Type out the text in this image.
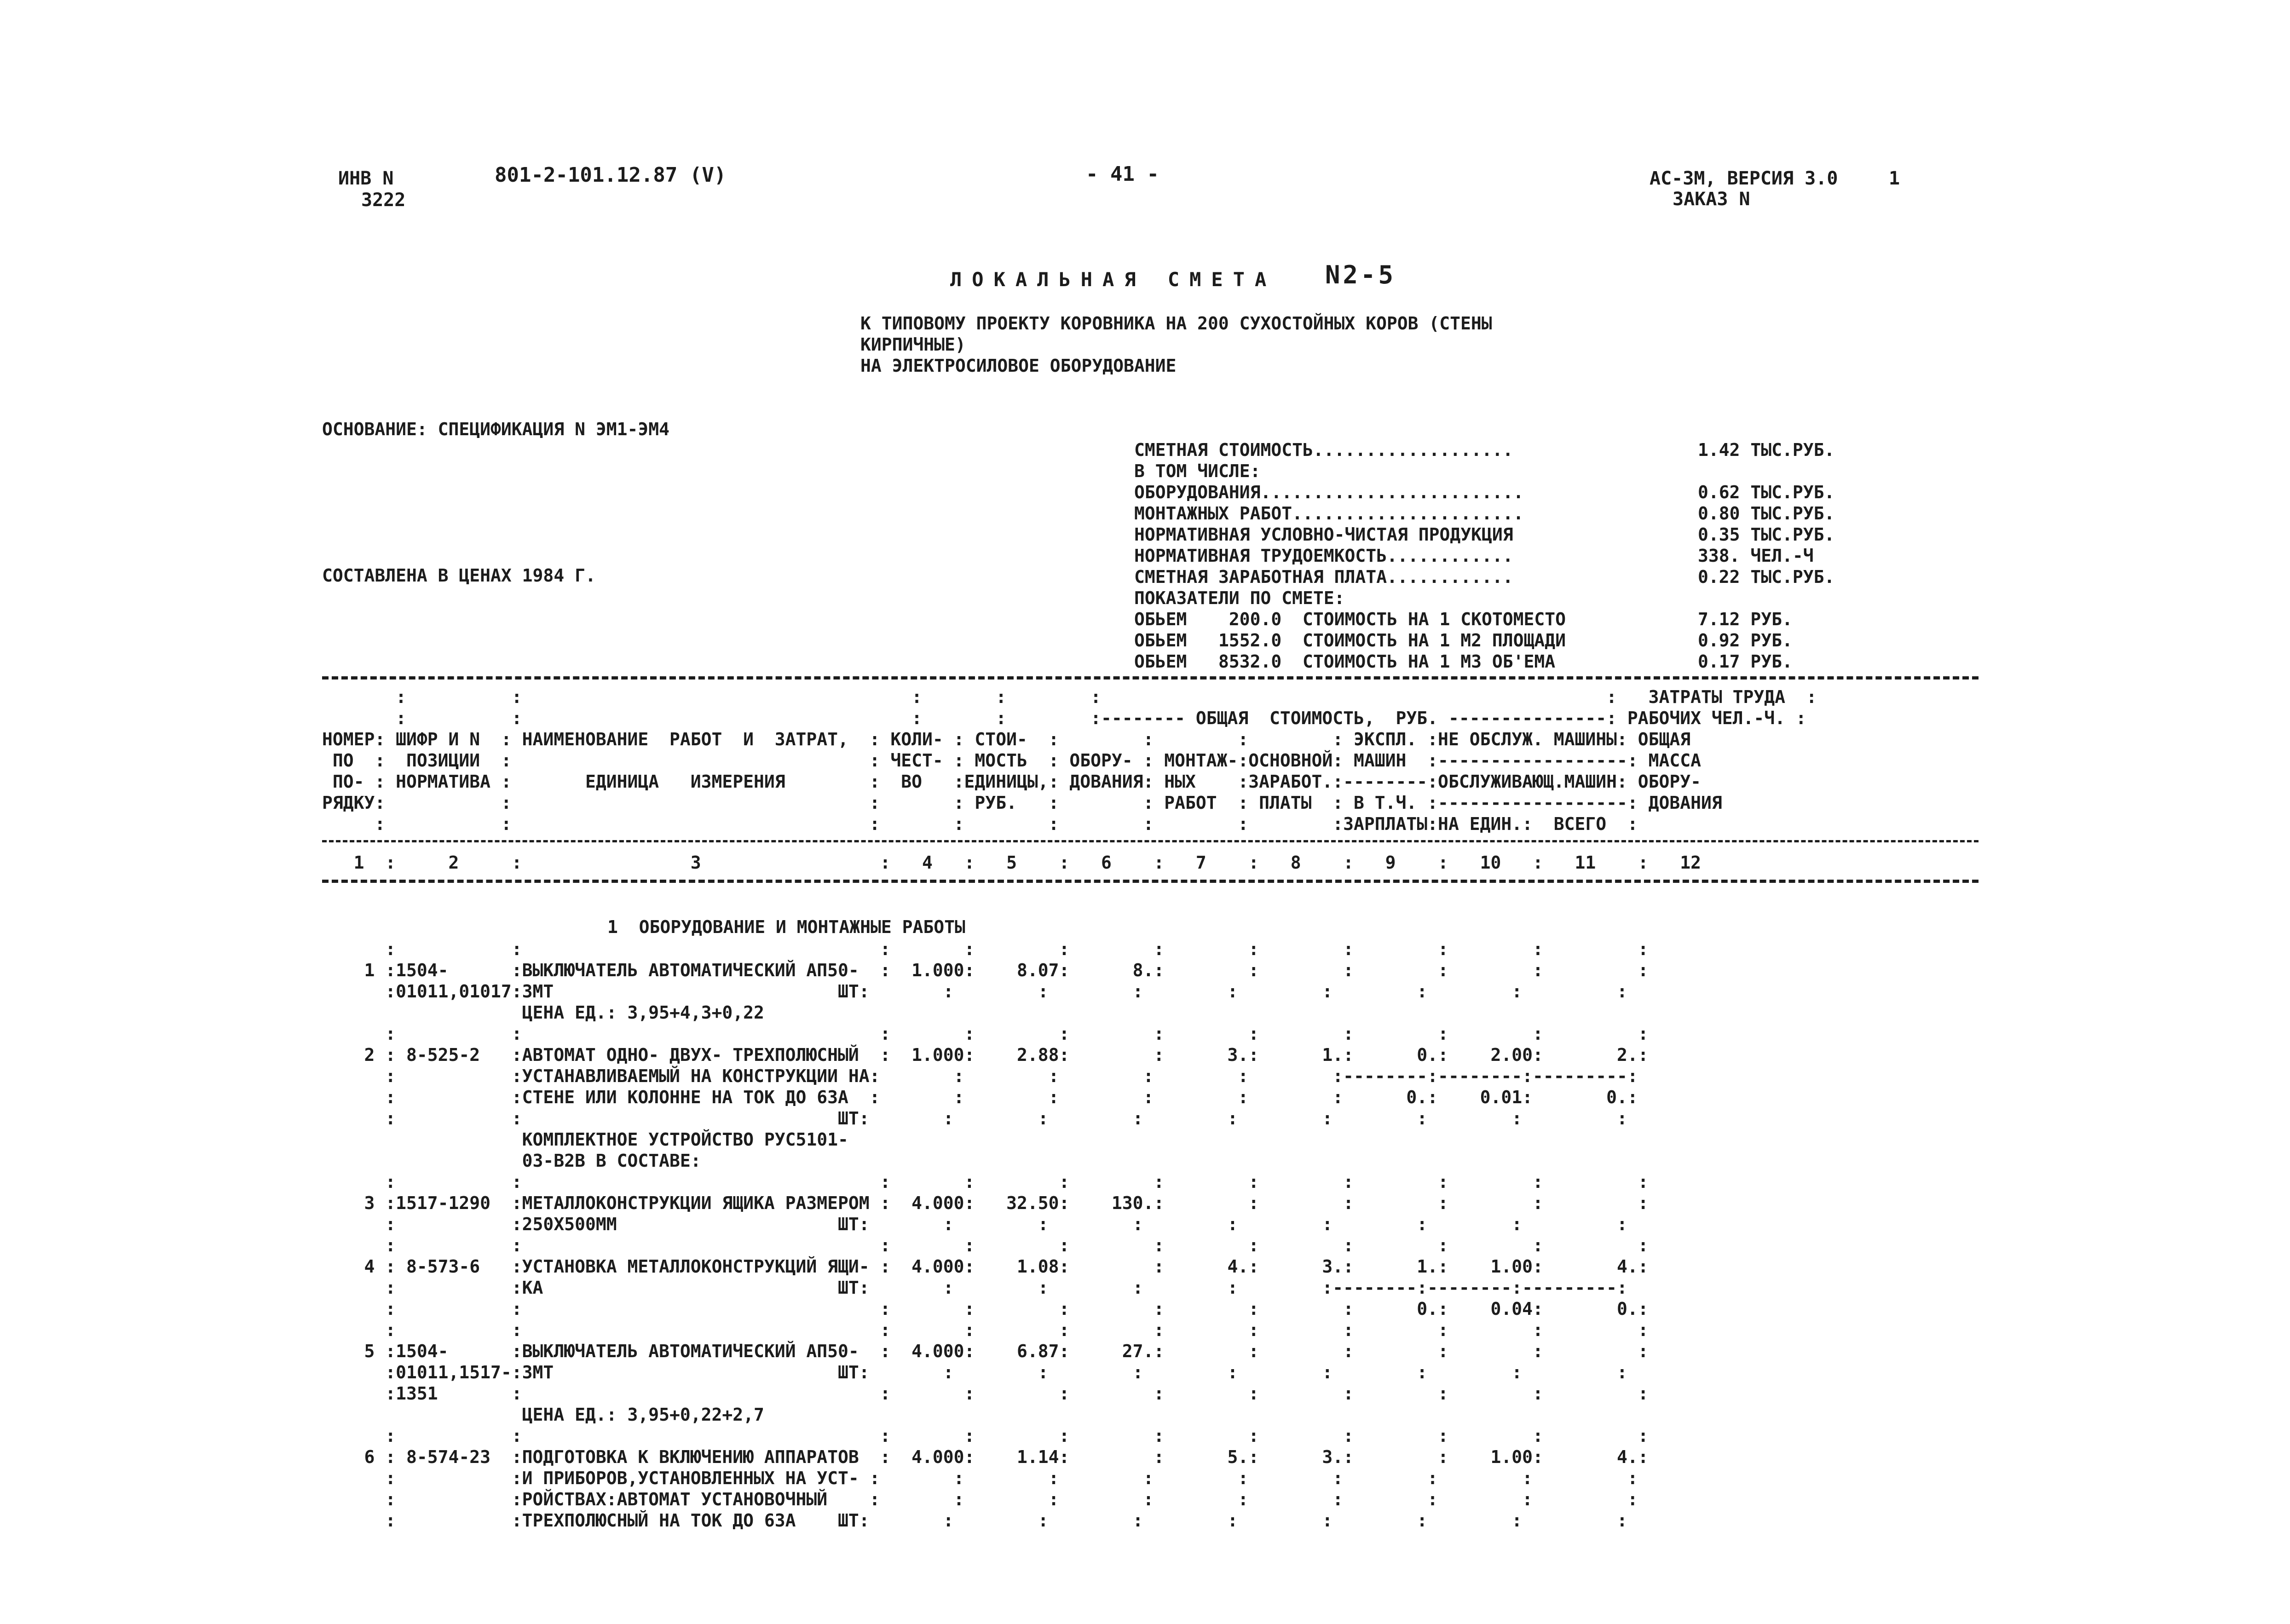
ИНВ N
3222
801-2-101.12.87 (V)	- 41 -	АС-3М, ВЕРСИЯ 3.0	1
ЗАКАЗ N
ЛОКАЛЬНАЯ СМЕТА N2-5
К ТИПОВОМУ ПРОЕКТУ КОРОВНИКА НА 200 СУХОСТОЙНЫХ КОРОВ (СТЕНЫ
КИРПИЧНЫЕ)
НА ЭЛЕКТРОСИЛОВОЕ ОБОРУДОВАНИЕ
ОСНОВАНИЕ: СПЕЦИФИКАЦИЯ N ЭМ1-ЭМ4
СОСТАВЛЕНА В ЦЕНАХ 1984 Г.
СМЕТНАЯ СТОИМОСТЬ...................	1.42 ТЫС.РУБ.
В ТОМ ЧИСЛЕ:
ОБОРУДОВАНИЯ.........................	0.62 ТЫС.РУБ.
МОНТАЖНЫХ РАБОТ......................	0.80 ТЫС.РУБ.
НОРМАТИВНАЯ УСЛОВНО-ЧИСТАЯ ПРОДУКЦИЯ	0.35 ТЫС.РУБ.
НОРМАТИВНАЯ ТРУДОЕМКОСТЬ............	338. ЧЕЛ.-Ч
СМЕТНАЯ ЗАРАБОТНАЯ ПЛАТА............	0.22 ТЫС.РУБ.
ПОКАЗАТЕЛИ ПО СМЕТЕ:
ОБЬЕМ    200.0  СТОИМОСТЬ НА 1 СКОТОМЕСТО	7.12 РУБ.
ОБЬЕМ   1552.0  СТОИМОСТЬ НА 1 М2 ПЛОЩАДИ	0.92 РУБ.
ОБЬЕМ   8532.0  СТОИМОСТЬ НА 1 М3 ОБ'ЕМА	0.17 РУБ.
:          :                                     :       :        :                                                :   ЗАТРАТЫ ТРУДА  :
:          :                                     :       :        :-------- ОБЩАЯ  СТОИМОСТЬ,  РУБ. ---------------: РАБОЧИХ ЧЕЛ.-Ч. :
НОМЕР: ШИФР И N  : НАИМЕНОВАНИЕ  РАБОТ  И  ЗАТРАТ,  : КОЛИ- : СТОИ-  :        :        :        : ЭКСПЛ. :НЕ ОБСЛУЖ. МАШИНЫ: ОБЩАЯ
ПО  :  ПОЗИЦИИ  :                                  : ЧЕСТ- : МОСТЬ  : ОБОРУ- : МОНТАЖ-:ОСНОВНОЙ: МАШИН  :------------------: МАССА
ПО- : НОРМАТИВА :       ЕДИНИЦА   ИЗМЕРЕНИЯ        :  ВО   :ЕДИНИЦЫ,: ДОВАНИЯ: НЫХ    :ЗАРАБОТ.:--------:ОБСЛУЖИВАЮЩ.МАШИН: ОБОРУ-
РЯДКУ:           :                                  :       : РУБ.   :        : РАБОТ  : ПЛАТЫ  : В Т.Ч. :------------------: ДОВАНИЯ
:           :                                  :       :        :        :        :        :ЗАРПЛАТЫ:НА ЕДИН.:  ВСЕГО  :
1  :     2     :                3                 :   4   :   5    :   6    :   7    :   8    :   9    :   10   :   11    :   12
1  ОБОРУДОВАНИЕ И МОНТАЖНЫЕ РАБОТЫ
:           :                                  :       :        :        :        :        :        :        :         :
1 :1504-      :ВЫКЛЮЧАТЕЛЬ АВТОМАТИЧЕСКИЙ АП50-  :  1.000:    8.07:      8.:        :        :        :        :         :
:01011,01017:3МТ                           ШТ:       :        :        :        :        :        :        :         :
ЦЕНА ЕД.: 3,95+4,3+0,22
:           :                                  :       :        :        :        :        :        :        :         :
2 : 8-525-2   :АВТОМАТ ОДНО- ДВУХ- ТРЕХПОЛЮСНЫЙ  :  1.000:    2.88:        :      3.:      1.:      0.:    2.00:       2.:
:           :УСТАНАВЛИВАЕМЫЙ НА КОНСТРУКЦИИ НА:       :        :        :        :        :--------:--------:---------:
:           :СТЕНЕ ИЛИ КОЛОННЕ НА ТОК ДО 63А  :       :        :        :        :        :      0.:    0.01:       0.:
:           :                              ШТ:       :        :        :        :        :        :        :         :
КОМПЛЕКТНОЕ УСТРОЙСТВО РУС5101-
03-В2В В СОСТАВЕ:
:           :                                  :       :        :        :        :        :        :        :         :
3 :1517-1290  :МЕТАЛЛОКОНСТРУКЦИИ ЯЩИКА РАЗМЕРОМ :  4.000:   32.50:    130.:        :        :        :        :         :
:           :250Х500ММ                     ШТ:       :        :        :        :        :        :        :         :
:           :                                  :       :        :        :        :        :        :        :         :
4 : 8-573-6   :УСТАНОВКА МЕТАЛЛОКОНСТРУКЦИЙ ЯЩИ- :  4.000:    1.08:        :      4.:      3.:      1.:    1.00:       4.:
:           :КА                            ШТ:       :        :        :        :        :--------:--------:---------:
:           :                                  :       :        :        :        :        :      0.:    0.04:       0.:
:           :                                  :       :        :        :        :        :        :        :         :
5 :1504-      :ВЫКЛЮЧАТЕЛЬ АВТОМАТИЧЕСКИЙ АП50-  :  4.000:    6.87:     27.:        :        :        :        :         :
:01011,1517-:3МТ                           ШТ:       :        :        :        :        :        :        :         :
:1351       :                                  :       :        :        :        :        :        :        :         :
ЦЕНА ЕД.: 3,95+0,22+2,7
:           :                                  :       :        :        :        :        :        :        :         :
6 : 8-574-23  :ПОДГОТОВКА К ВКЛЮЧЕНИЮ АППАРАТОВ  :  4.000:    1.14:        :      5.:      3.:        :    1.00:       4.:
:           :И ПРИБОРОВ,УСТАНОВЛЕННЫХ НА УСТ- :       :        :        :        :        :        :        :         :
:           :РОЙСТВАХ:АВТОМАТ УСТАНОВОЧНЫЙ    :       :        :        :        :        :        :        :         :
:           :ТРЕХПОЛЮСНЫЙ НА ТОК ДО 63А    ШТ:       :        :        :        :        :        :        :         :
